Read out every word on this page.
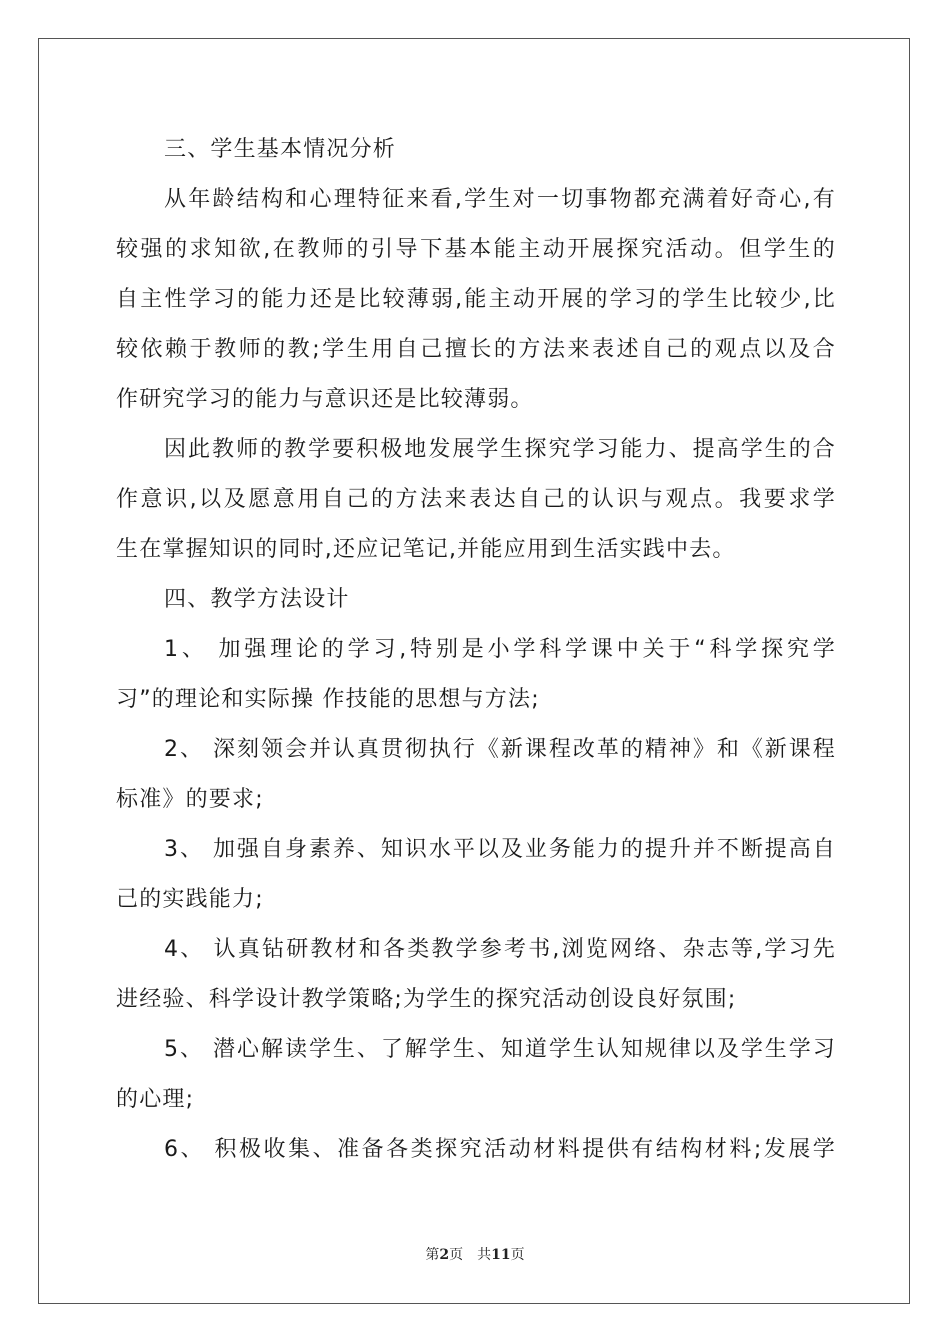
三、学生基本情况分析
从年龄结构和心理特征来看,学生对一切事物都充满着好奇心,有
较强的求知欲,在教师的引导下基本能主动开展探究活动。但学生的
自主性学习的能力还是比较薄弱,能主动开展的学习的学生比较少,比
较依赖于教师的教;学生用自己擅长的方法来表述自己的观点以及合
作研究学习的能力与意识还是比较薄弱。
因此教师的教学要积极地发展学生探究学习能力、提高学生的合
作意识,以及愿意用自己的方法来表达自己的认识与观点。我要求学
生在掌握知识的同时,还应记笔记,并能应用到生活实践中去。
四、教学方法设计
1、 加强理论的学习,特别是小学科学课中关于“科学探究学
习”的理论和实际操 作技能的思想与方法;
2、 深刻领会并认真贯彻执行《新课程改革的精神》和《新课程
标准》的要求;
3、 加强自身素养、知识水平以及业务能力的提升并不断提高自
己的实践能力;
4、 认真钻研教材和各类教学参考书,浏览网络、杂志等,学习先
进经验、科学设计教学策略;为学生的探究活动创设良好氛围;
5、 潜心解读学生、了解学生、知道学生认知规律以及学生学习
的心理;
6、 积极收集、准备各类探究活动材料提供有结构材料;发展学
第2页　共11页
